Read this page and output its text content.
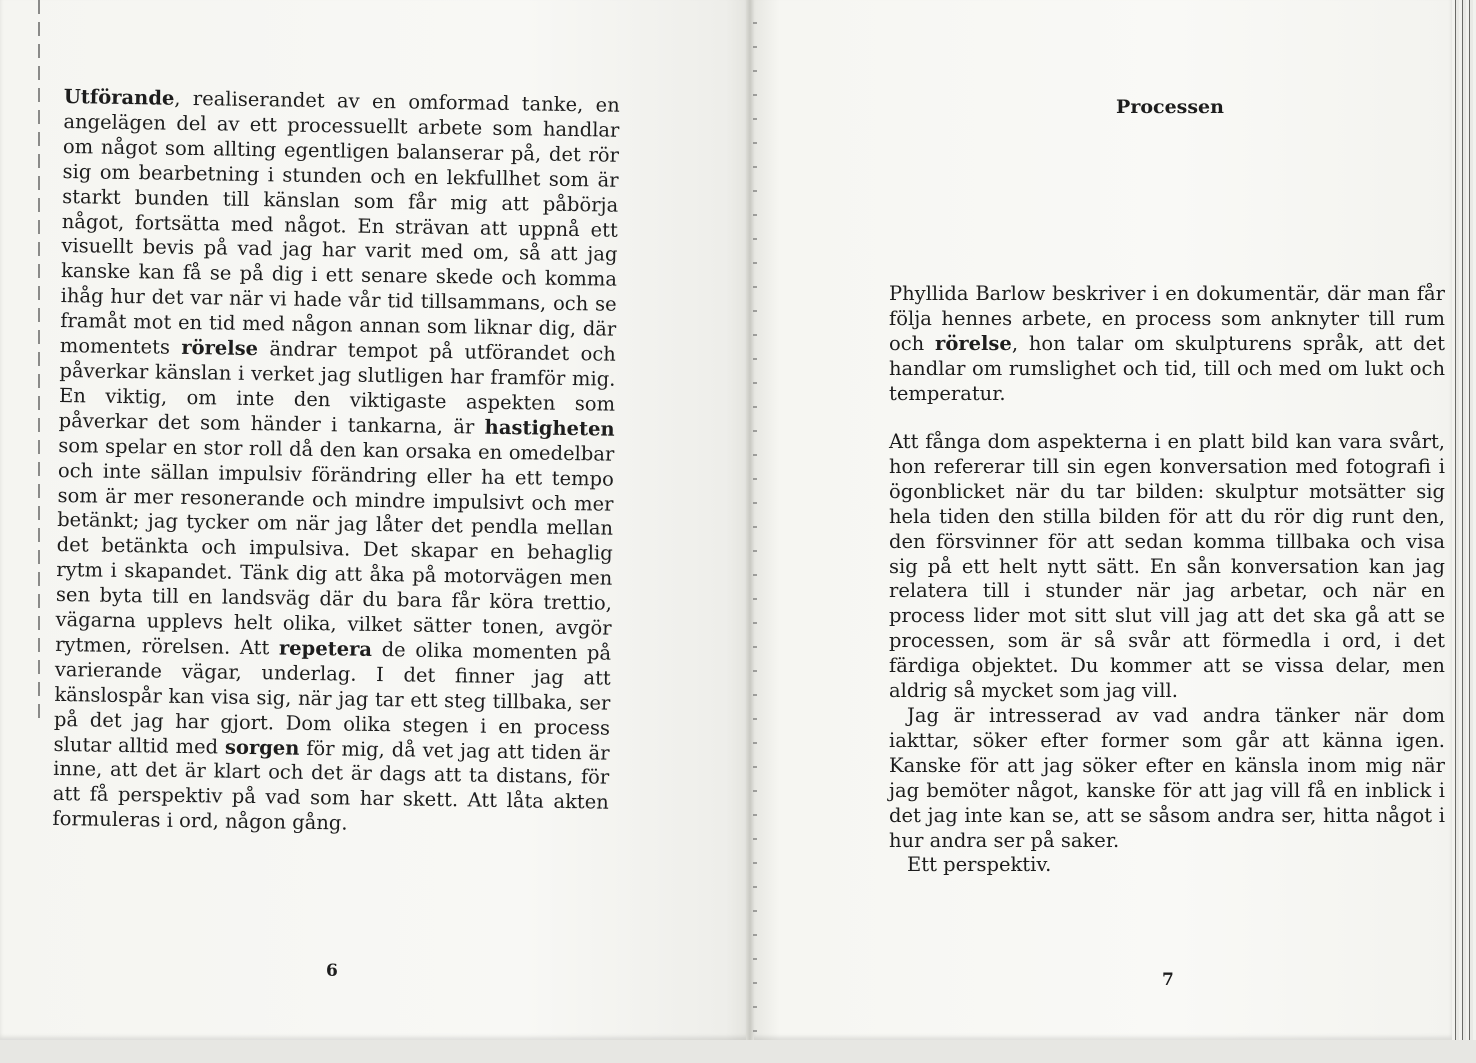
Utförande, realiserandet av en omformad tanke, en angelägen del av ett processuellt arbete som handlar om något som allting egentligen balanserar på, det rör sig om bearbetning i stunden och en lekfullhet som är starkt bunden till känslan som får mig att påbörja något, fortsätta med något. En strävan att uppnå ett visuellt bevis på vad jag har varit med om, så att jag kanske kan få se på dig i ett senare skede och komma ihåg hur det var när vi hade vår tid tillsammans, och se framåt mot en tid med någon annan som liknar dig, där momentets rörelse ändrar tempot på utförandet och påverkar känslan i verket jag slutligen har framför mig. En viktig, om inte den viktigaste aspekten som påverkar det som händer i tankarna, är hastigheten som spelar en stor roll då den kan orsaka en omedelbar och inte sällan impulsiv förändring eller ha ett tempo som är mer resonerande och mindre impulsivt och mer betänkt; jag tycker om när jag låter det pendla mellan det betänkta och impulsiva. Det skapar en behaglig rytm i skapandet. Tänk dig att åka på motorvägen men sen byta till en landsväg där du bara får köra trettio, vägarna upplevs helt olika, vilket sätter tonen, avgör rytmen, rörelsen. Att repetera de olika momenten på varierande vägar, underlag. I det finner jag att känslospår kan visa sig, när jag tar ett steg tillbaka, ser på det jag har gjort. Dom olika stegen i en process slutar alltid med sorgen för mig, då vet jag att tiden är inne, att det är klart och det är dags att ta distans, för att få perspektiv på vad som har skett. Att låta akten formuleras i ord, någon gång.

6
Processen

Phyllida Barlow beskriver i en dokumentär, där man får följa hennes arbete, en process som anknyter till rum och rörelse, hon talar om skulpturens språk, att det handlar om rumslighet och tid, till och med om lukt och temperatur.

Att fånga dom aspekterna i en platt bild kan vara svårt, hon refererar till sin egen konversation med fotografi i ögonblicket när du tar bilden: skulptur motsätter sig hela tiden den stilla bilden för att du rör dig runt den, den försvinner för att sedan komma tillbaka och visa sig på ett helt nytt sätt. En sån konversation kan jag relatera till i stunder när jag arbetar, och när en process lider mot sitt slut vill jag att det ska gå att se processen, som är så svår att förmedla i ord, i det färdiga objektet. Du kommer att se vissa delar, men aldrig så mycket som jag vill.

Jag är intresserad av vad andra tänker när dom iakttar, söker efter former som går att känna igen. Kanske för att jag söker efter en känsla inom mig när jag bemöter något, kanske för att jag vill få en inblick i det jag inte kan se, att se såsom andra ser, hitta något i hur andra ser på saker.

Ett perspektiv.

7
